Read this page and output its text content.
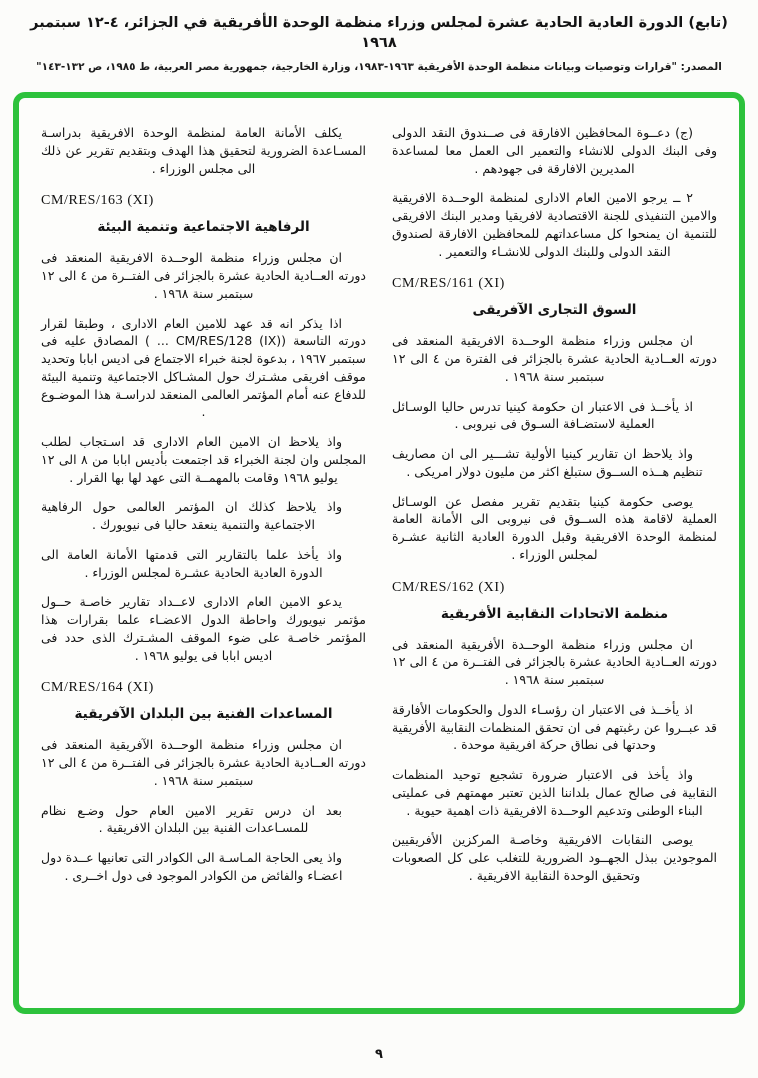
(تابع) الدورة العادية الحادية عشرة لمجلس وزراء منظمة الوحدة الأفريقية في الجزائر، ٤-١٢ سبتمبر ١٩٦٨
المصدر: "قرارات وتوصيات وبيانات منظمة الوحدة الأفريقية ١٩٦٣-١٩٨٣، وزارة الخارجية، جمهورية مصر العربية، ط ١٩٨٥، ص ١٣٢-١٤٣"

(ج) دعــوة المحافظين الافارقة فى صــندوق النقد الدولى وفى البنك الدولى للانشاء والتعمير الى العمل معا لمساعدة المديرين الافارقة فى جهودهم .

٢ ــ يرجو الامين العام الادارى لمنظمة الوحــدة الافريقية والامين التنفيذى للجنة الاقتصادية لافريقيا ومدير البنك الافريقى للتنمية ان يمنحوا كل مساعداتهم للمحافظين الافارقة لصندوق النقد الدولى وللبنك الدولى للانشـاء والتعمير .

CM/RES/161 (XI)
السوق التجارى الآفريقى

ان مجلس وزراء منظمة الوحــدة الافريقية المنعقد فى دورته العــادية الحادية عشرة بالجزائر فى الفترة من ٤ الى ١٢ سبتمبر سنة ١٩٦٨ .

اذ يأخــذ فى الاعتبار ان حكومة كينيا تدرس حاليا الوسـائل العملية لاستضـافة السـوق فى نيروبى .

واذ يلاحظ ان تقارير كينيا الأولية تشـــير الى ان مصاريف تنظيم هــذه الســوق ستبلغ اكثر من مليون دولار امريكى .

يوصى حكومة كينيا بتقديم تقرير مفصل عن الوسـائل العملية لاقامة هذه الســوق فى نيروبى الى الأمانة العامة لمنظمة الوحدة الافريقية وقبل الدورة العادية الثانية عشـرة لمجلس الوزراء .

CM/RES/162 (XI)
منظمة الاتحادات النقابية الأفريقية

ان مجلس وزراء منظمة الوحــدة الأفريقية المنعقد فى دورته العــادية الحادية عشرة بالجزائر فى الفتــرة من ٤ الى ١٢ سبتمبر سنة ١٩٦٨ .

اذ يأخــذ فى الاعتبار ان رؤسـاء الدول والحكومات الأفارقة قد عبــروا عن رغبتهم فى ان تحقق المنظمات النقابية الأفريقية وحدتها فى نطاق حركة افريقية موحدة .

واذ يأخذ فى الاعتبار ضرورة تشجيع توحيد المنظمات النقابية فى صالح عمال بلداننا الذين تعتبر مهمتهم فى عمليتى البناء الوطنى وتدعيم الوحــدة الافريقية ذات اهمية حيوية .

يوصى النقابات الافريقية وخاصـة المركزين الأفريقيين الموجودين ببذل الجهــود الضرورية للتغلب على كل الصعوبات وتحقيق الوحدة النقابية الافريقية .

يكلف الأمانة العامة لمنظمة الوحدة الافريقية بدراسـة المسـاعدة الضرورية لتحقيق هذا الهدف وبتقديم تقرير عن ذلك الى مجلس الوزراء .

CM/RES/163 (XI)
الرفاهية الاجتماعية وتنمية البيئة

ان مجلس وزراء منظمة الوحــدة الافريقية المنعقد فى دورته العــادية الحادية عشرة بالجزائر فى الفتــرة من ٤ الى ١٢ سبتمبر سنة ١٩٦٨ .

اذا يذكر انه قد عهد للامين العام الادارى ، وطبقا لقرار دورته التاسعة (CM/RES/128 (IX) ... ) المصادق عليه فى سبتمبر ١٩٦٧ ، بدعوة لجنة خبراء الاجتماع فى اديس ابابا وتحديد موقف افريقى مشـترك حول المشـاكل الاجتماعية وتنمية البيئة للدفاع عنه أمام المؤتمر العالمى المنعقد لدراسـة هذا الموضـوع .

واذ يلاحظ ان الامين العام الادارى قد اسـتجاب لطلب المجلس وان لجنة الخبراء قد اجتمعت بأديس ابابا من ٨ الى ١٢ يوليو ١٩٦٨ وقامت بالمهمــة التى عهد لها بها القرار .

واذ يلاحظ كذلك ان المؤتمر العالمى حول الرفاهية الاجتماعية والتنمية ينعقد حاليا فى نيويورك .

واذ يأخذ علما بالتقارير التى قدمتها الأمانة العامة الى الدورة العادية الحادية عشـرة لمجلس الوزراء .

يدعو الامين العام الادارى لاعــداد تقارير خاصـة حــول مؤتمر نيويورك واحاطة الدول الاعضـاء علما بقرارات هذا المؤتمر خاصـة على ضوء الموقف المشـترك الذى حدد فى اديس ابابا فى يوليو ١٩٦٨ .

CM/RES/164 (XI)
المساعدات الفنية بين البلدان الآفريقية

ان مجلس وزراء منظمة الوحــدة الآفريقية المنعقد فى دورته العــادية الحادية عشرة بالجزائر فى الفتــرة من ٤ الى ١٢ سبتمبر سنة ١٩٦٨ .

بعد ان درس تقرير الامين العام حول وضـع نظام للمسـاعدات الفنية بين البلدان الافريقية .

واذ يعى الحاجة المـاسـة الى الكوادر التى تعانيها عــدة دول اعضـاء والفائض من الكوادر الموجود فى دول اخــرى .

٩
